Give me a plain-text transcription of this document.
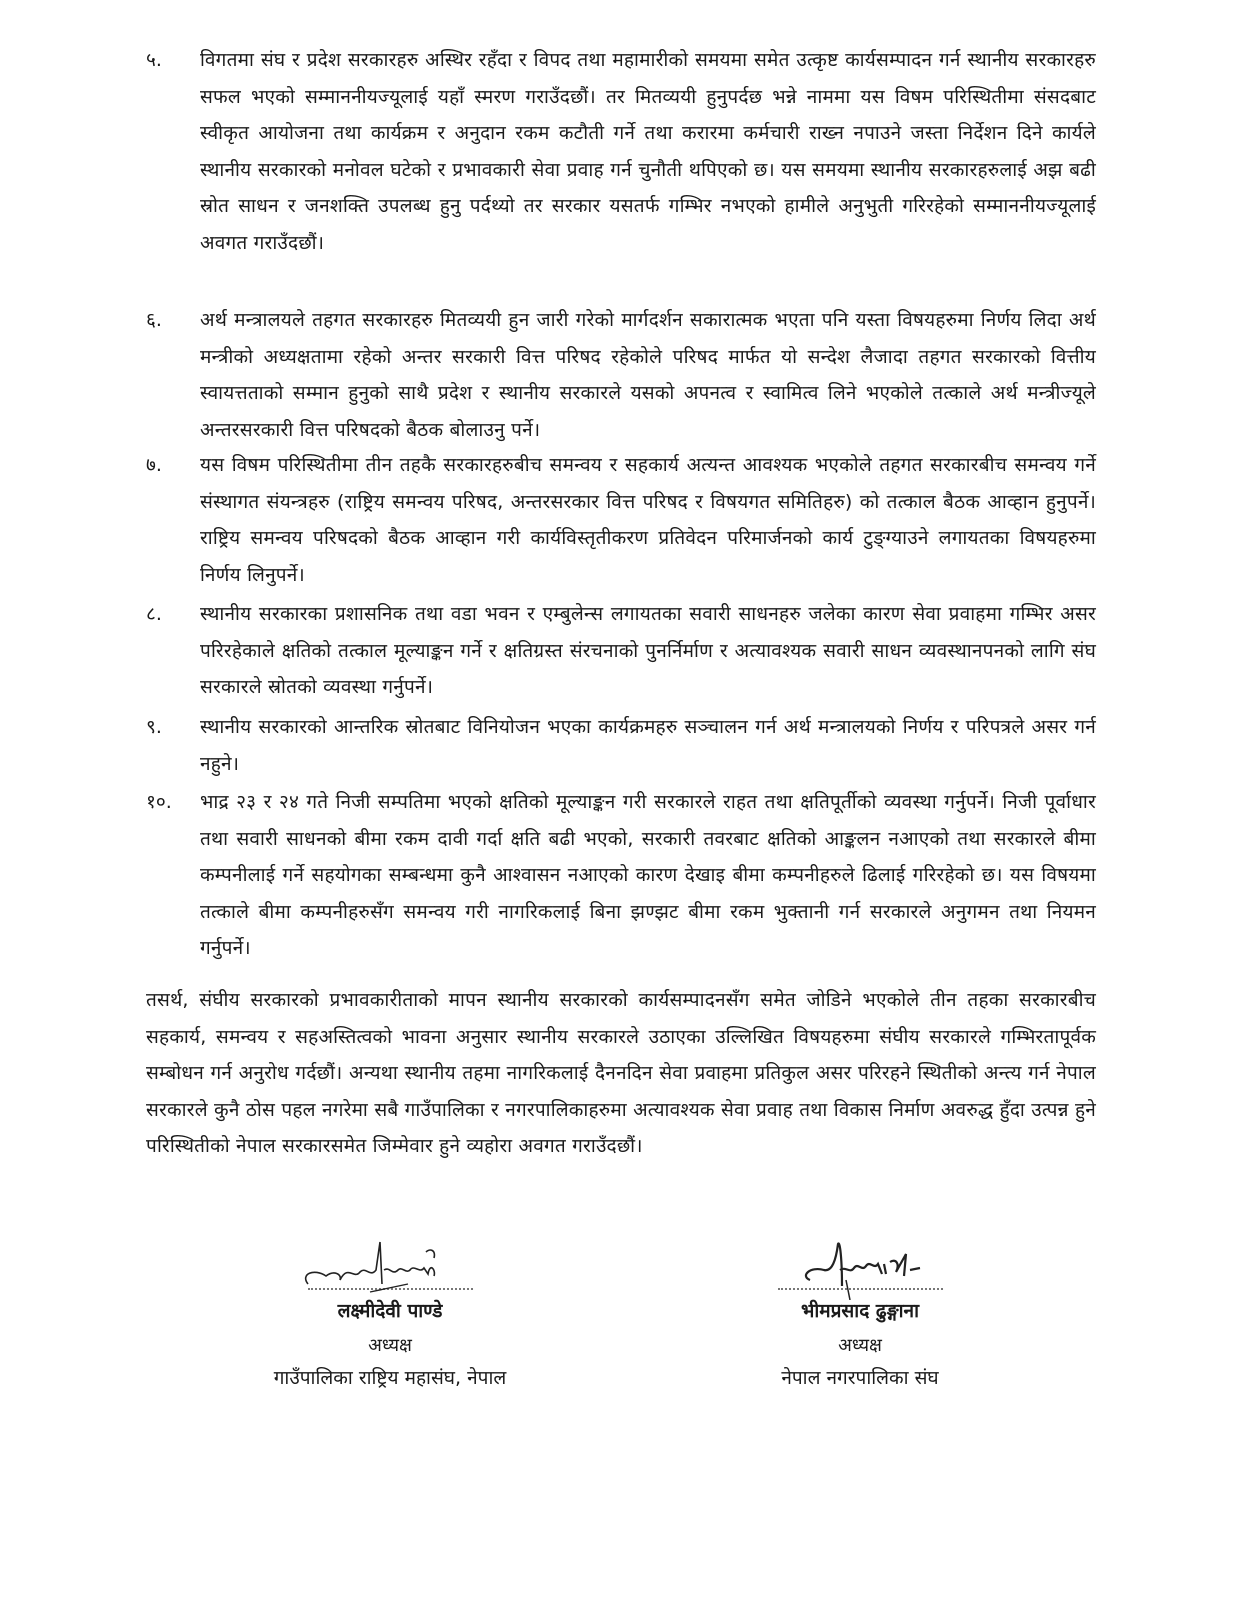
५.	विगतमा संघ र प्रदेश सरकारहरु अस्थिर रहँदा र विपद तथा महामारीको समयमा समेत उत्कृष्ट कार्यसम्पादन गर्न स्थानीय सरकारहरु सफल भएको सम्माननीयज्यूलाई यहाँ स्मरण गराउँदछौं। तर मितव्ययी हुनुपर्दछ भन्ने नाममा यस विषम परिस्थितीमा संसदबाट स्वीकृत आयोजना तथा कार्यक्रम र अनुदान रकम कटौती गर्ने तथा करारमा कर्मचारी राख्न नपाउने जस्ता निर्देशन दिने कार्यले स्थानीय सरकारको मनोवल घटेको र प्रभावकारी सेवा प्रवाह गर्न चुनौती थपिएको छ। यस समयमा स्थानीय सरकारहरुलाई अझ बढी स्रोत साधन र जनशक्ति उपलब्ध हुनु पर्दथ्यो तर सरकार यसतर्फ गम्भिर नभएको हामीले अनुभुती गरिरहेको सम्माननीयज्यूलाई अवगत गराउँदछौं।
६.	अर्थ मन्त्रालयले तहगत सरकारहरु मितव्ययी हुन जारी गरेको मार्गदर्शन सकारात्मक भएता पनि यस्ता विषयहरुमा निर्णय लिदा अर्थ मन्त्रीको अध्यक्षतामा रहेको अन्तर सरकारी वित्त परिषद रहेकोले परिषद मार्फत यो सन्देश लैजादा तहगत सरकारको वित्तीय स्वायत्तताको सम्मान हुनुको साथै प्रदेश र स्थानीय सरकारले यसको अपनत्व र स्वामित्व लिने भएकोले तत्काले अर्थ मन्त्रीज्यूले अन्तरसरकारी वित्त परिषदको बैठक बोलाउनु पर्ने।
७.	यस विषम परिस्थितीमा तीन तहकै सरकारहरुबीच समन्वय र सहकार्य अत्यन्त आवश्यक भएकोले तहगत सरकारबीच समन्वय गर्ने संस्थागत संयन्त्रहरु (राष्ट्रिय समन्वय परिषद, अन्तरसरकार वित्त परिषद र विषयगत समितिहरु) को तत्काल बैठक आव्हान हुनुपर्ने। राष्ट्रिय समन्वय परिषदको बैठक आव्हान गरी कार्यविस्तृतीकरण प्रतिवेदन परिमार्जनको कार्य टुङ्ग्याउने लगायतका विषयहरुमा निर्णय लिनुपर्ने।
८.	स्थानीय सरकारका प्रशासनिक तथा वडा भवन र एम्बुलेन्स लगायतका सवारी साधनहरु जलेका कारण सेवा प्रवाहमा गम्भिर असर परिरहेकाले क्षतिको तत्काल मूल्याङ्कन गर्ने र क्षतिग्रस्त संरचनाको पुनर्निर्माण र अत्यावश्यक सवारी साधन व्यवस्थानपनको लागि संघ सरकारले स्रोतको व्यवस्था गर्नुपर्ने।
९.	स्थानीय सरकारको आन्तरिक स्रोतबाट विनियोजन भएका कार्यक्रमहरु सञ्चालन गर्न अर्थ मन्त्रालयको निर्णय र परिपत्रले असर गर्न नहुने।
१०.	भाद्र २३ र २४ गते निजी सम्पतिमा भएको क्षतिको मूल्याङ्कन गरी सरकारले राहत तथा क्षतिपूर्तीको व्यवस्था गर्नुपर्ने। निजी पूर्वाधार तथा सवारी साधनको बीमा रकम दावी गर्दा क्षति बढी भएको, सरकारी तवरबाट क्षतिको आङ्कलन नआएको तथा सरकारले बीमा कम्पनीलाई गर्ने सहयोगका सम्बन्धमा कुनै आश्वासन नआएको कारण देखाइ बीमा कम्पनीहरुले ढिलाई गरिरहेको छ। यस विषयमा तत्काले बीमा कम्पनीहरुसँग समन्वय गरी नागरिकलाई बिना झण्झट बीमा रकम भुक्तानी गर्न सरकारले अनुगमन तथा नियमन गर्नुपर्ने।
तसर्थ, संघीय सरकारको प्रभावकारीताको मापन स्थानीय सरकारको कार्यसम्पादनसँग समेत जोडिने भएकोले तीन तहका सरकारबीच सहकार्य, समन्वय र सहअस्तित्वको भावना अनुसार स्थानीय सरकारले उठाएका उल्लिखित विषयहरुमा संघीय सरकारले गम्भिरतापूर्वक सम्बोधन गर्न अनुरोध गर्दछौं। अन्यथा स्थानीय तहमा नागरिकलाई दैननदिन सेवा प्रवाहमा प्रतिकुल असर परिरहने स्थितीको अन्त्य गर्न नेपाल सरकारले कुनै ठोस पहल नगरेमा सबै गाउँपालिका र नगरपालिकाहरुमा अत्यावश्यक सेवा प्रवाह तथा विकास निर्माण अवरुद्ध हुँदा उत्पन्न हुने परिस्थितीको नेपाल सरकारसमेत जिम्मेवार हुने व्यहोरा अवगत गराउँदछौं।
लक्ष्मीदेवी पाण्डे
अध्यक्ष
गाउँपालिका राष्ट्रिय महासंघ, नेपाल
भीमप्रसाद ढुङ्गाना
अध्यक्ष
नेपाल नगरपालिका संघ
